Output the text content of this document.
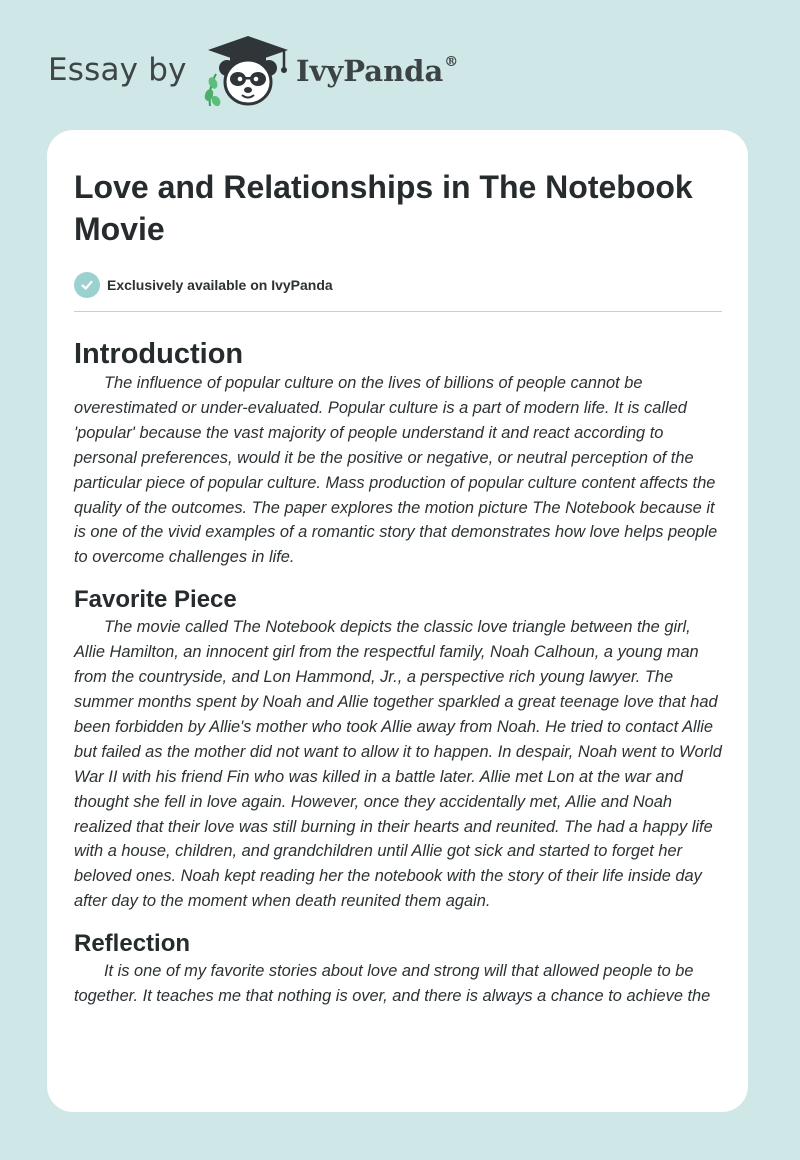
Essay by	IvyPanda®
Love and Relationships in The Notebook Movie
Exclusively available on IvyPanda
Introduction

The influence of popular culture on the lives of billions of people cannot be overestimated or under-evaluated. Popular culture is a part of modern life. It is called 'popular' because the vast majority of people understand it and react according to personal preferences, would it be the positive or negative, or neutral perception of the particular piece of popular culture. Mass production of popular culture content affects the quality of the outcomes. The paper explores the motion picture The Notebook because it is one of the vivid examples of a romantic story that demonstrates how love helps people to overcome challenges in life.

Favorite Piece

The movie called The Notebook depicts the classic love triangle between the girl, Allie Hamilton, an innocent girl from the respectful family, Noah Calhoun, a young man from the countryside, and Lon Hammond, Jr., a perspective rich young lawyer. The summer months spent by Noah and Allie together sparkled a great teenage love that had been forbidden by Allie's mother who took Allie away from Noah. He tried to contact Allie but failed as the mother did not want to allow it to happen. In despair, Noah went to World War II with his friend Fin who was killed in a battle later. Allie met Lon at the war and thought she fell in love again. However, once they accidentally met, Allie and Noah realized that their love was still burning in their hearts and reunited. The had a happy life with a house, children, and grandchildren until Allie got sick and started to forget her beloved ones. Noah kept reading her the notebook with the story of their life inside day after day to the moment when death reunited them again.

Reflection

It is one of my favorite stories about love and strong will that allowed people to be together. It teaches me that nothing is over, and there is always a chance to achieve the
